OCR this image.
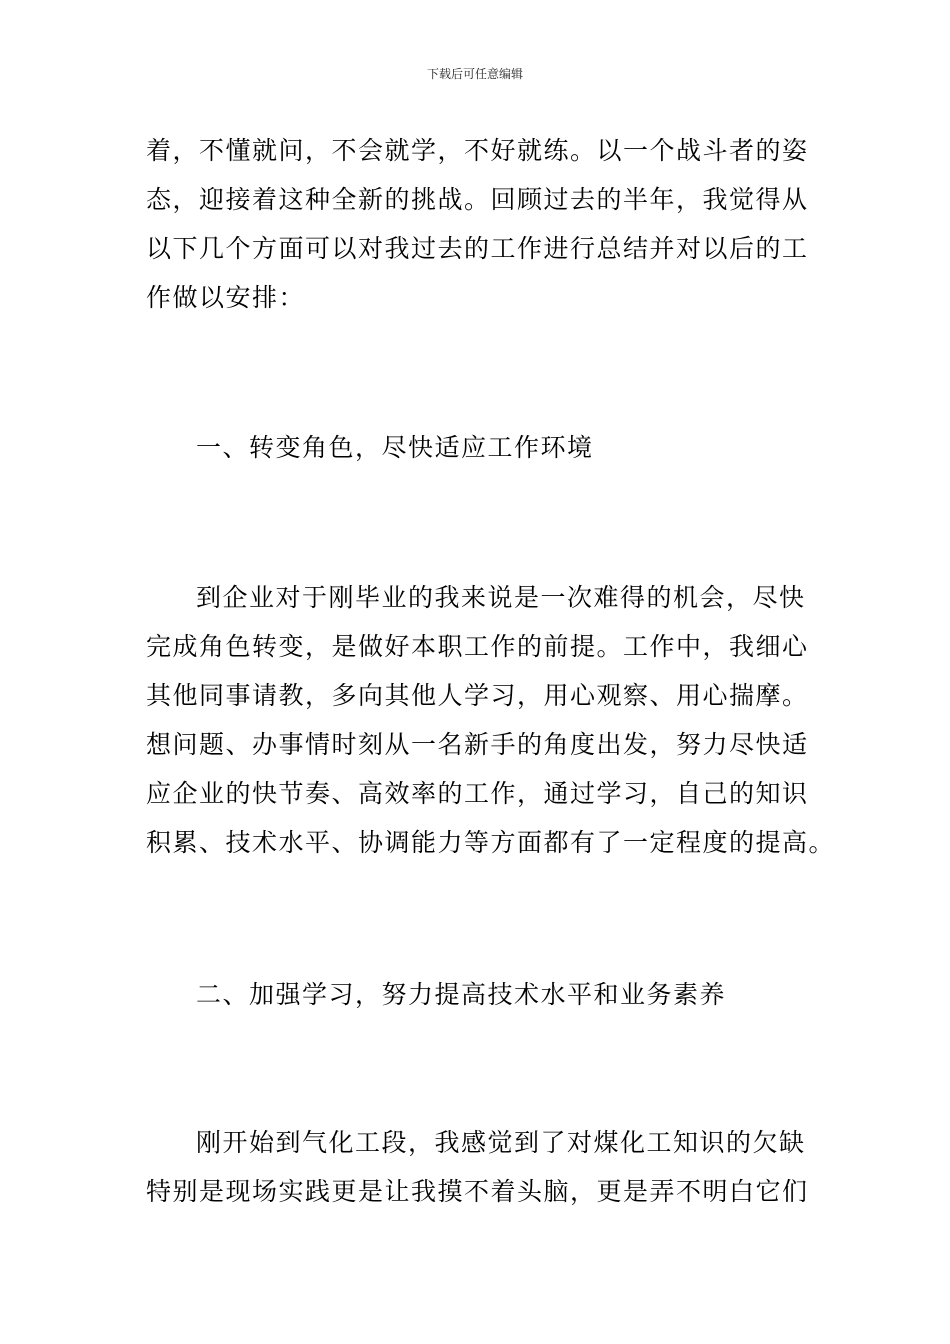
下载后可任意编辑
着，不懂就问，不会就学，不好就练。以一个战斗者的姿
态，迎接着这种全新的挑战。回顾过去的半年，我觉得从
以下几个方面可以对我过去的工作进行总结并对以后的工
作做以安排：
一、转变角色，尽快适应工作环境
到企业对于刚毕业的我来说是一次难得的机会，尽快
完成角色转变，是做好本职工作的前提。工作中，我细心
其他同事请教，多向其他人学习，用心观察、用心揣摩。
想问题、办事情时刻从一名新手的角度出发，努力尽快适
应企业的快节奏、高效率的工作，通过学习，自己的知识
积累、技术水平、协调能力等方面都有了一定程度的提高。
二、加强学习，努力提高技术水平和业务素养
刚开始到气化工段，我感觉到了对煤化工知识的欠缺
特别是现场实践更是让我摸不着头脑，更是弄不明白它们
